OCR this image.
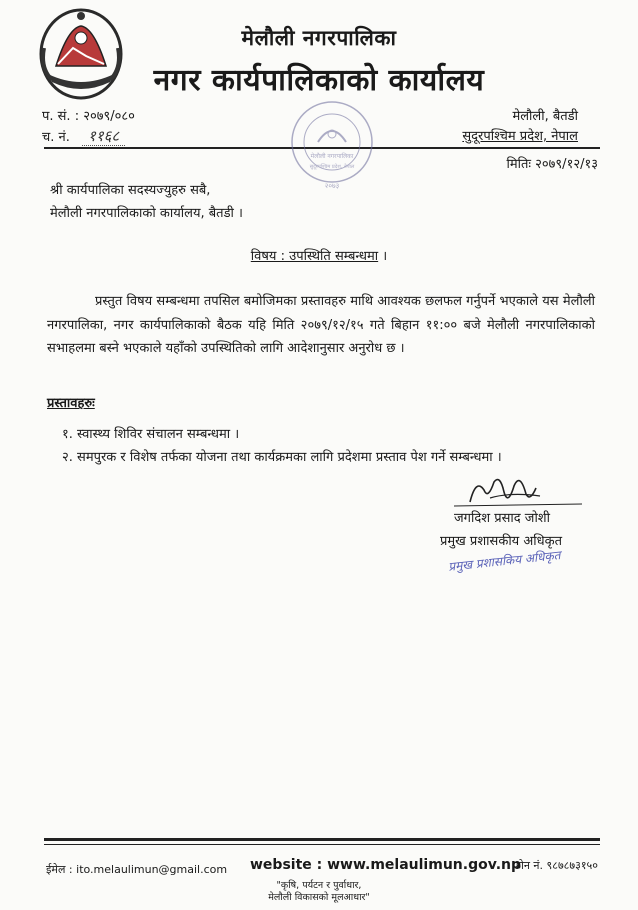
मेलौली नगरपालिका
नगर कार्यपालिकाको कार्यालय
प. सं. : २०७९/०८०
च. नं. ११६८
मेलौली, बैतडी
सुदूरपश्चिम प्रदेश, नेपाल
मेलौली नगरपालिका
सुदूरपश्चिम प्रदेश, नेपाल
२०७३
मितिः २०७९/१२/१३
श्री कार्यपालिका सदस्यज्युहरु सबै,
मेलौली नगरपालिकाको कार्यालय, बैतडी ।
विषय : उपस्थिति सम्बन्धमा ।
प्रस्तुत विषय सम्बन्धमा तपसिल बमोजिमका प्रस्तावहरु माथि आवश्यक छलफल गर्नुपर्ने भएकाले यस मेलौली नगरपालिका, नगर कार्यपालिकाको बैठक यहि मिति २०७९/१२/१५ गते बिहान ११:०० बजे मेलौली नगरपालिकाको सभाहलमा बस्ने भएकाले यहाँको उपस्थितिको लागि आदेशानुसार अनुरोध छ ।
प्रस्तावहरुः
१. स्वास्थ्य शिविर संचालन सम्बन्धमा ।
२. समपुरक र विशेष तर्फका योजना तथा कार्यक्रमका लागि प्रदेशमा प्रस्ताव पेश गर्ने सम्बन्धमा ।
जगदिश प्रसाद जोशी
प्रमुख प्रशासकीय अधिकृत
प्रमुख प्रशासकिय अधिकृत
ईमेल : ito.melaulimun@gmail.com website : www.melaulimun.gov.np
फोन नं. ९८७८७३१५०
"कृषि, पर्यटन र पुर्वाधार,
मेलौली विकासको मूलआधार"
